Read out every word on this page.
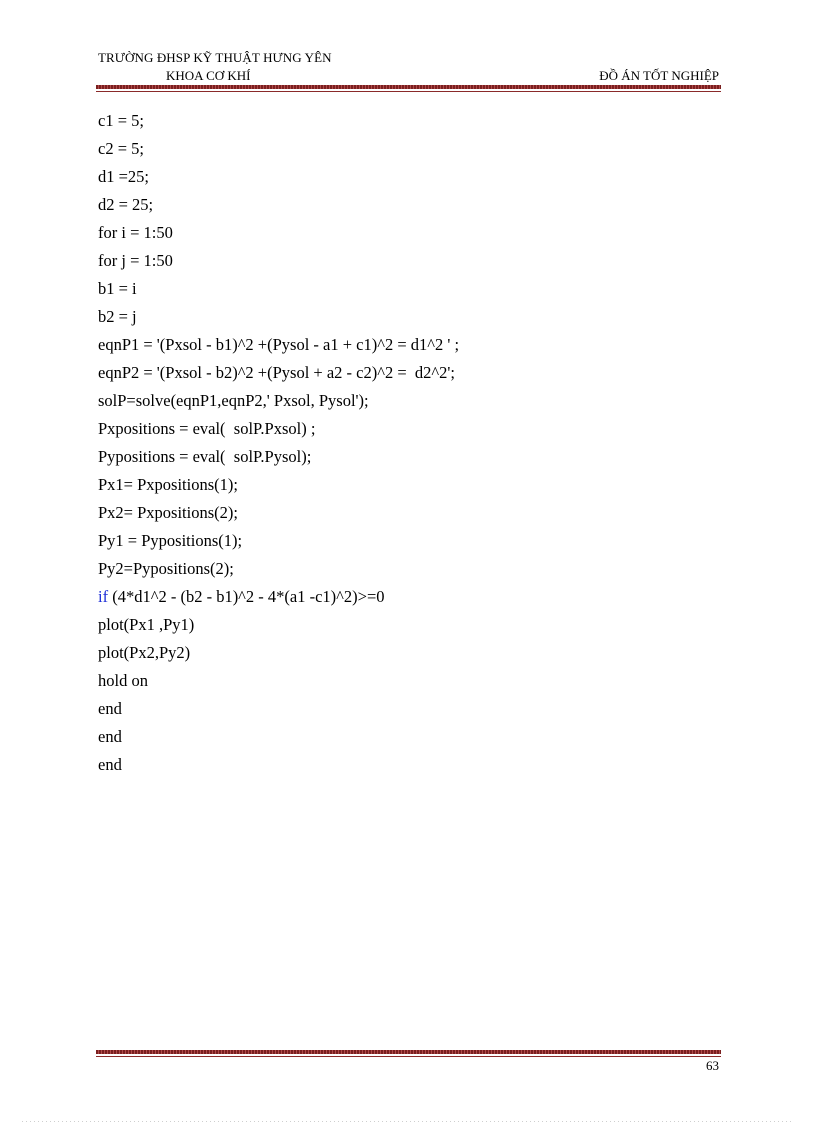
TRƯỜNG ĐHSP KỸ THUẬT HƯNG YÊN
KHOA CƠ KHÍ	ĐỒ ÁN TỐT NGHIỆP
c1 = 5;
c2 = 5;
d1 =25;
d2 = 25;
for i = 1:50
for j = 1:50
b1 = i
b2 = j
eqnP1 = '(Pxsol - b1)^2 +(Pysol - a1 + c1)^2 = d1^2 ' ;
eqnP2 = '(Pxsol - b2)^2 +(Pysol + a2 - c2)^2 =  d2^2';
solP=solve(eqnP1,eqnP2,' Pxsol, Pysol');
Pxpositions = eval(  solP.Pxsol) ;
Pypositions = eval(  solP.Pysol);
Px1= Pxpositions(1);
Px2= Pxpositions(2);
Py1 = Pypositions(1);
Py2=Pypositions(2);
if (4*d1^2 - (b2 - b1)^2 - 4*(a1 -c1)^2)>=0
plot(Px1 ,Py1)
plot(Px2,Py2)
hold on
end
end
end
63
